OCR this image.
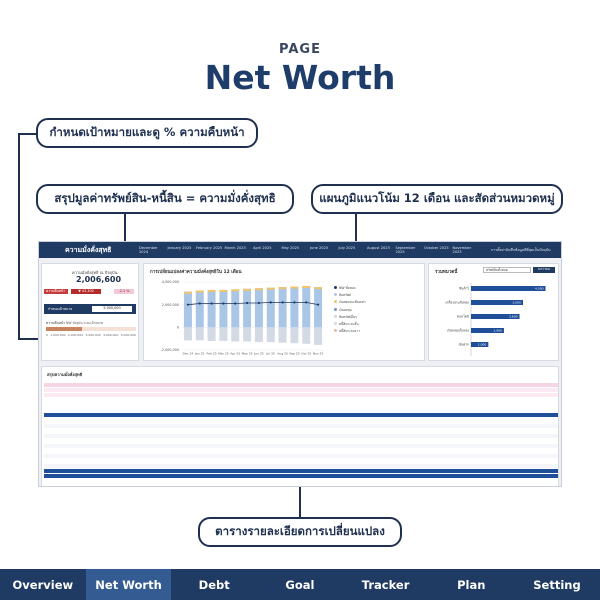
PAGE
Net Worth
กำหนดเป้าหมายและดู % ความคืบหน้า
สรุปมูลค่าทรัพย์สิน-หนี้สิน = ความมั่งคั่งสุทธิ	แผนภูมิแนวโน้ม 12 เดือน และสัดส่วนหมวดหมู่
ตารางรายละเอียดการเปลี่ยนแปลง
ความมั่งคั่งสุทธิ	December 2024
January 2025	February 2025 March 2025	April 2025	May 2025	June 2025	July 2025	August 2025	September 2025
October 2025	November 2025	การตั้งค่าบันทึกข้อมูลดีที่สุดเป็นปัจจุบัน
ความมั่งคั่งสุทธิ ณ ปัจจุบัน
2,006,600
ความคืบหน้า	▼ 43,300	-2.1 %
กำหนดเป้าหมาย	5,000,000
ความคืบหน้า NW ปัจจุบัน ระยะเป้าหมาย
0 1,000,000 2,000,000 3,000,000 4,000,000 5,000,000
การเปลี่ยนแปลงค่าความมั่งคั่งสุทธิใน 12 เดือน
4,000,000
2,000,000
0
-2,000,000
Dec 24 Jan 25 Feb 25 Mar 25 Apr 25 May 25 Jun 25 Jul 25 Aug 25 Sep 25 Oct 25 Nov 25
NW ทั้งหมด
สินทรัพย์
เงินสดและเทียบเท่า
เงินลงทุน
สินทรัพย์อื่นๆ
หนี้สินระยะสั้น
หนี้สินระยะยาว
รวมหมวดนี้	ทรัพย์สินทั้งหมด	มกราคม
สินค้าไ	4,300
เครื่องประดับทอง	3,000
คอนโดมิ	2,800
เงินลงทุนในทอง	1,900
เงินฝาก	1,000
สรุปความมั่งคั่งสุทธิ
Overview	Net Worth	Debt	Goal	Tracker	Plan	Setting
